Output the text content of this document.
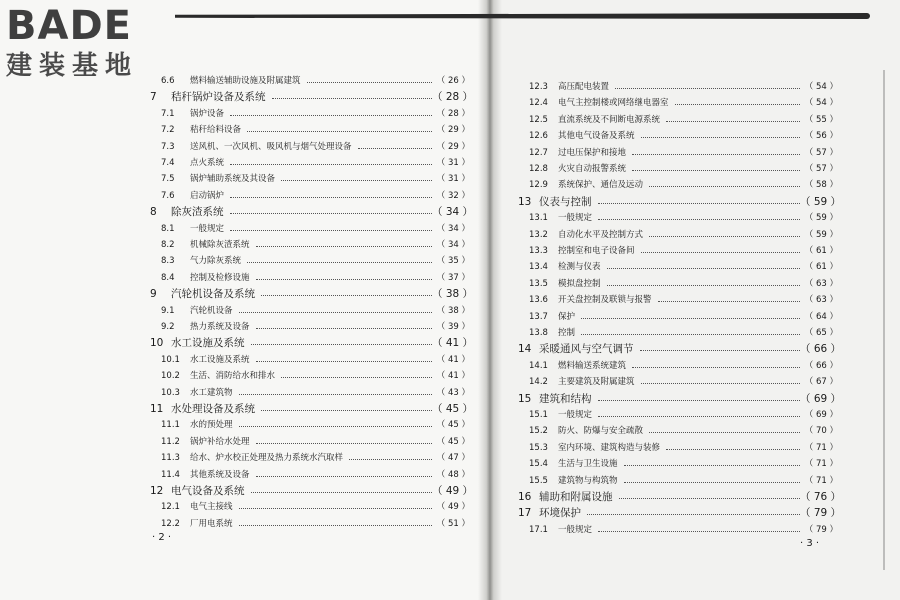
BADE
建装基地	6.6 燃料输送辅助设施及附属建筑	（ 26 ）
7 秸秆锅炉设备及系统	（ 28 ）
7.1 锅炉设备	（ 28 ）
7.2 秸秆给料设备	（ 29 ）
7.3 送风机、一次风机、吸风机与烟气处理设备	（ 29 ）
7.4 点火系统	（ 31 ）
7.5 锅炉辅助系统及其设备	（ 31 ）
7.6 启动锅炉	（ 32 ）
8 除灰渣系统	（ 34 ）
8.1 一般规定	（ 34 ）
8.2 机械除灰渣系统	（ 34 ）
8.3 气力除灰系统	（ 35 ）
8.4 控制及检修设施	（ 37 ）
9 汽轮机设备及系统	（ 38 ）
9.1 汽轮机设备	（ 38 ）
9.2 热力系统及设备	（ 39 ）
10 水工设施及系统	（ 41 ）
10.1 水工设施及系统	（ 41 ）
10.2 生活、消防给水和排水	（ 41 ）
10.3 水工建筑物	（ 43 ）
11 水处理设备及系统	（ 45 ）
11.1 水的预处理	（ 45 ）
11.2 锅炉补给水处理	（ 45 ）
11.3 给水、炉水校正处理及热力系统水汽取样	（ 47 ）
11.4 其他系统及设备	（ 48 ）
12 电气设备及系统	（ 49 ）
12.1 电气主接线	（ 49 ）
12.2 厂用电系统	（ 51 ）
12.3 高压配电装置	（ 54 ）
12.4 电气主控制楼或网络继电器室	（ 54 ）
12.5 直流系统及不间断电源系统	（ 55 ）
12.6 其他电气设备及系统	（ 56 ）
12.7 过电压保护和接地	（ 57 ）
12.8 火灾自动报警系统	（ 57 ）
12.9 系统保护、通信及远动	（ 58 ）
13 仪表与控制	（ 59 ）
13.1 一般规定	（ 59 ）
13.2 自动化水平及控制方式	（ 59 ）
13.3 控制室和电子设备间	（ 61 ）
13.4 检测与仪表	（ 61 ）
13.5 模拟盘控制	（ 63 ）
13.6 开关盘控制及联锁与报警	（ 63 ）
13.7 保护	（ 64 ）
13.8 控制	（ 65 ）
14 采暖通风与空气调节	（ 66 ）
14.1 燃料输送系统建筑	（ 66 ）
14.2 主要建筑及附属建筑	（ 67 ）
15 建筑和结构	（ 69 ）
15.1 一般规定	（ 69 ）
15.2 防火、防爆与安全疏散	（ 70 ）
15.3 室内环境、建筑构造与装修	（ 71 ）
15.4 生活与卫生设施	（ 71 ）
15.5 建筑物与构筑物	（ 71 ）
16 辅助和附属设施	（ 76 ）
17 环境保护	（ 79 ）
17.1 一般规定	（ 79 ）
· 2 ·
· 3 ·
